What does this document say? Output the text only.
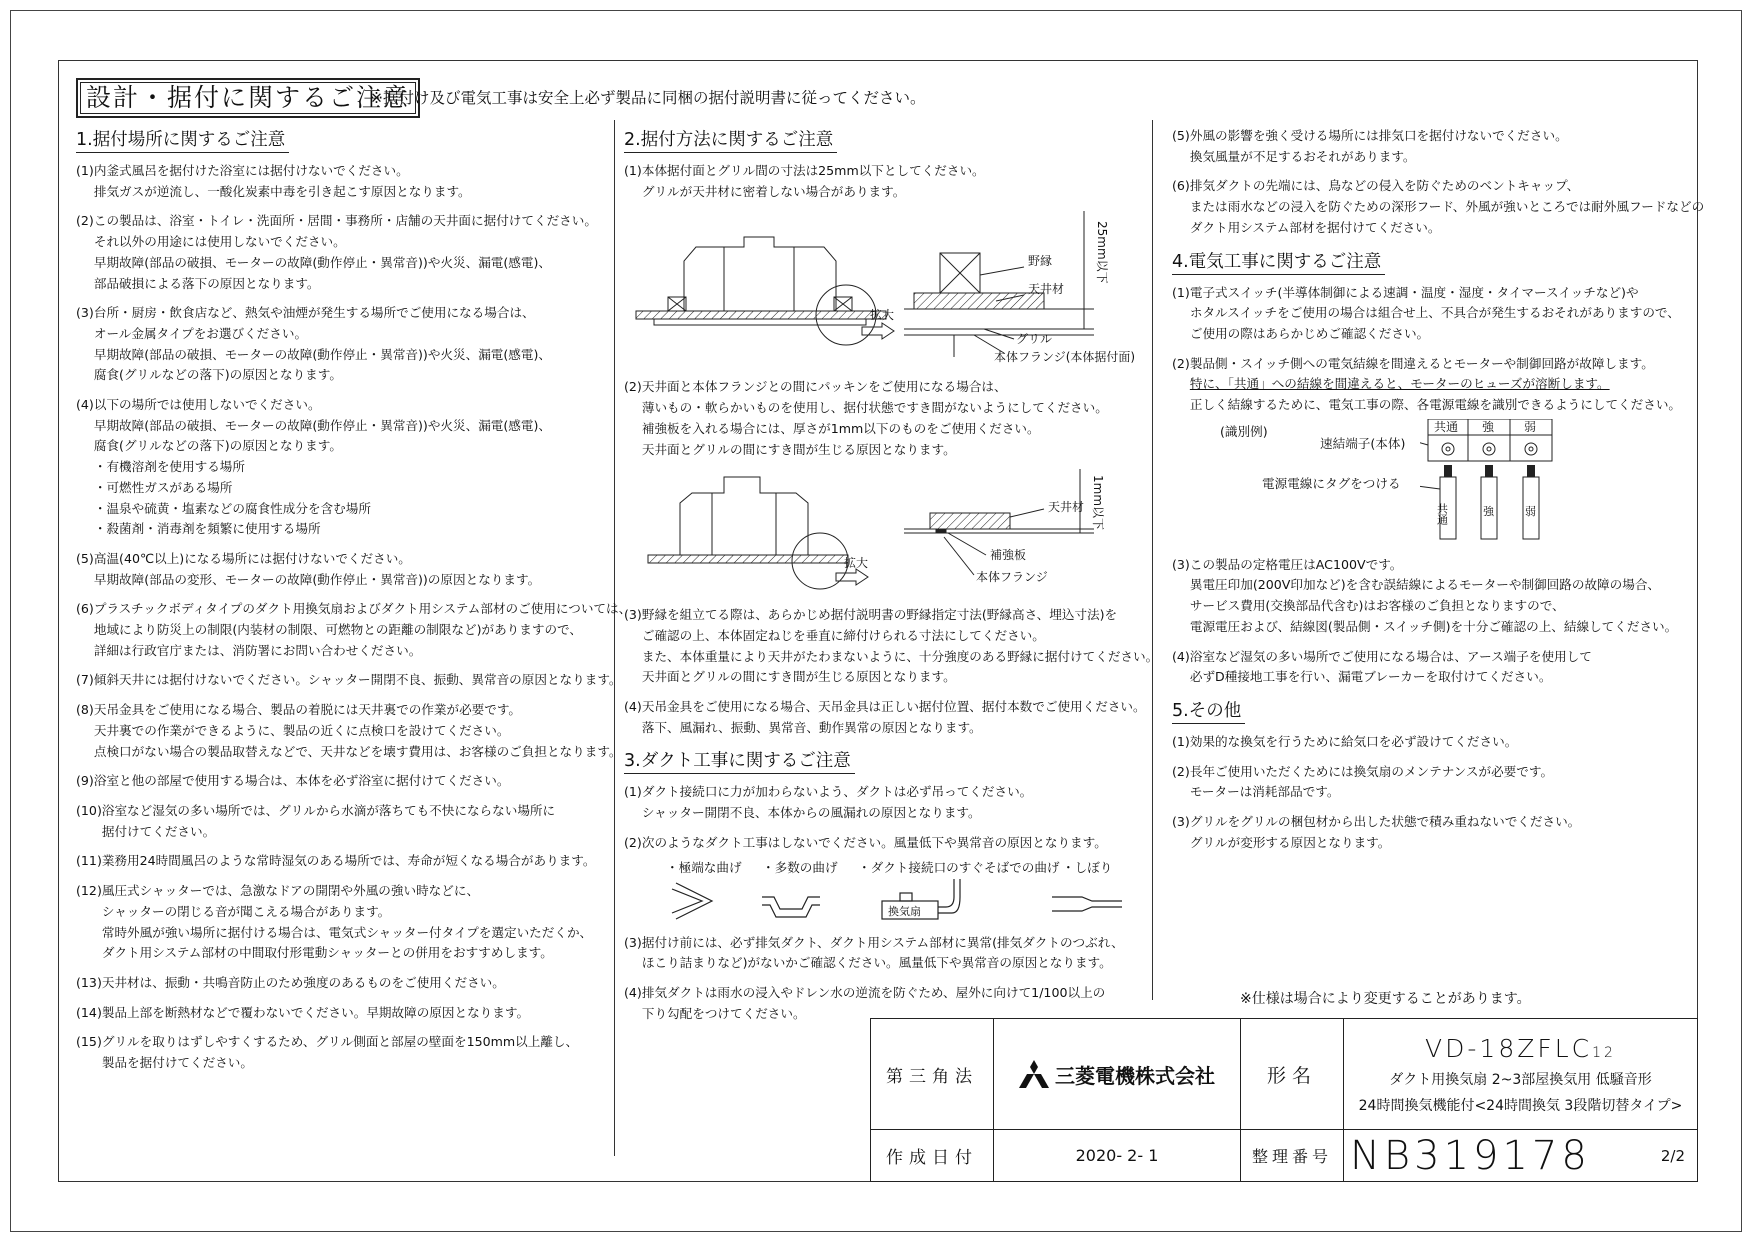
設計・据付に関するご注意
※据付け及び電気工事は安全上必ず製品に同梱の据付説明書に従ってください。
1.据付場所に関するご注意
(1) 内釜式風呂を据付けた浴室には据付けないでください。
排気ガスが逆流し、一酸化炭素中毒を引き起こす原因となります。
(2) この製品は、浴室・トイレ・洗面所・居間・事務所・店舗の天井面に据付けてください。
それ以外の用途には使用しないでください。
早期故障(部品の破損、モーターの故障(動作停止・異常音))や火災、漏電(感電)、
部品破損による落下の原因となります。
(3) 台所・厨房・飲食店など、熱気や油煙が発生する場所でご使用になる場合は、
オール金属タイプをお選びください。
早期故障(部品の破損、モーターの故障(動作停止・異常音))や火災、漏電(感電)、
腐食(グリルなどの落下)の原因となります。
(4) 以下の場所では使用しないでください。
早期故障(部品の破損、モーターの故障(動作停止・異常音))や火災、漏電(感電)、
腐食(グリルなどの落下)の原因となります。
・有機溶剤を使用する場所
・可燃性ガスがある場所
・温泉や硫黄・塩素などの腐食性成分を含む場所
・殺菌剤・消毒剤を頻繁に使用する場所
(5) 高温(40℃以上)になる場所には据付けないでください。
早期故障(部品の変形、モーターの故障(動作停止・異常音))の原因となります。
(6) プラスチックボディタイプのダクト用換気扇およびダクト用システム部材のご使用については、
地域により防災上の制限(内装材の制限、可燃物との距離の制限など)がありますので、
詳細は行政官庁または、消防署にお問い合わせください。
(7) 傾斜天井には据付けないでください。シャッター開閉不良、振動、異常音の原因となります。
(8) 天吊金具をご使用になる場合、製品の着脱には天井裏での作業が必要です。
天井裏での作業ができるように、製品の近くに点検口を設けてください。
点検口がない場合の製品取替えなどで、天井などを壊す費用は、お客様のご負担となります。
(9) 浴室と他の部屋で使用する場合は、本体を必ず浴室に据付けてください。
(10) 浴室など湿気の多い場所では、グリルから水滴が落ちても不快にならない場所に
据付けてください。
(11) 業務用24時間風呂のような常時湿気のある場所では、寿命が短くなる場合があります。
(12) 風圧式シャッターでは、急激なドアの開閉や外風の強い時などに、
シャッターの閉じる音が聞こえる場合があります。
常時外風が強い場所に据付ける場合は、電気式シャッター付タイプを選定いただくか、
ダクト用システム部材の中間取付形電動シャッターとの併用をおすすめします。
(13) 天井材は、振動・共鳴音防止のため強度のあるものをご使用ください。
(14) 製品上部を断熱材などで覆わないでください。早期故障の原因となります。
(15) グリルを取りはずしやすくするため、グリル側面と部屋の壁面を150mm以上離し、
製品を据付けてください。
2.据付方法に関するご注意
(1) 本体据付面とグリル間の寸法は25mm以下としてください。
グリルが天井材に密着しない場合があります。
拡大
野縁
天井材
グリル
本体フランジ(本体据付面)
25mm以下
(2) 天井面と本体フランジとの間にパッキンをご使用になる場合は、
薄いもの・軟らかいものを使用し、据付状態ですき間がないようにしてください。
補強板を入れる場合には、厚さが1mm以下のものをご使用ください。
天井面とグリルの間にすき間が生じる原因となります。
拡大
天井材
補強板
本体フランジ
1mm以下
(3) 野縁を組立てる際は、あらかじめ据付説明書の野縁指定寸法(野縁高さ、埋込寸法)を
ご確認の上、本体固定ねじを垂直に締付けられる寸法にしてください。
また、本体重量により天井がたわまないように、十分強度のある野縁に据付けてください。
天井面とグリルの間にすき間が生じる原因となります。
(4) 天吊金具をご使用になる場合、天吊金具は正しい据付位置、据付本数でご使用ください。
落下、風漏れ、振動、異常音、動作異常の原因となります。
3.ダクト工事に関するご注意
(1) ダクト接続口に力が加わらないよう、ダクトは必ず吊ってください。
シャッター開閉不良、本体からの風漏れの原因となります。
(2) 次のようなダクト工事はしないでください。風量低下や異常音の原因となります。
・極端な曲げ ・多数の曲げ ・ダクト接続口のすぐそばでの曲げ ・しぼり
換気扇
(3) 据付け前には、必ず排気ダクト、ダクト用システム部材に異常(排気ダクトのつぶれ、
ほこり詰まりなど)がないかご確認ください。風量低下や異常音の原因となります。
(4) 排気ダクトは雨水の浸入やドレン水の逆流を防ぐため、屋外に向けて1/100以上の
下り勾配をつけてください。
(5) 外風の影響を強く受ける場所には排気口を据付けないでください。
換気風量が不足するおそれがあります。
(6) 排気ダクトの先端には、鳥などの侵入を防ぐためのベントキャップ、
または雨水などの浸入を防ぐための深形フード、外風が強いところでは耐外風フードなどの
ダクト用システム部材を据付けてください。
4.電気工事に関するご注意
(1) 電子式スイッチ(半導体制御による速調・温度・湿度・タイマースイッチなど)や
ホタルスイッチをご使用の場合は組合せ上、不具合が発生するおそれがありますので、
ご使用の際はあらかじめご確認ください。
(2) 製品側・スイッチ側への電気結線を間違えるとモーターや制御回路が故障します。
特に、「共通」への結線を間違えると、モーターのヒューズが溶断します。
正しく結線するために、電気工事の際、各電源電線を識別できるようにしてください。
(識別例)
速結端子(本体)
電源電線にタグをつける
共通 強 弱
共通	強	弱
(3) この製品の定格電圧はAC100Vです。
異電圧印加(200V印加など)を含む誤結線によるモーターや制御回路の故障の場合、
サービス費用(交換部品代含む)はお客様のご負担となりますので、
電源電圧および、結線図(製品側・スイッチ側)を十分ご確認の上、結線してください。
(4) 浴室など湿気の多い場所でご使用になる場合は、アース端子を使用して
必ずD種接地工事を行い、漏電ブレーカーを取付けてください。
5.その他
(1) 効果的な換気を行うために給気口を必ず設けてください。
(2) 長年ご使用いただくためには換気扇のメンテナンスが必要です。
モーターは消耗部品です。
(3) グリルをグリルの梱包材から出した状態で積み重ねないでください。
グリルが変形する原因となります。
※仕様は場合により変更することがあります。
第三角法	三菱電機株式会社	形名
VD-18ZFLC12
ダクト用換気扇 2~3部屋換気用 低騒音形
24時間換気機能付<24時間換気 3段階切替タイプ>
作成日付	2020- 2- 1	整理番号 NB319178	2/2
